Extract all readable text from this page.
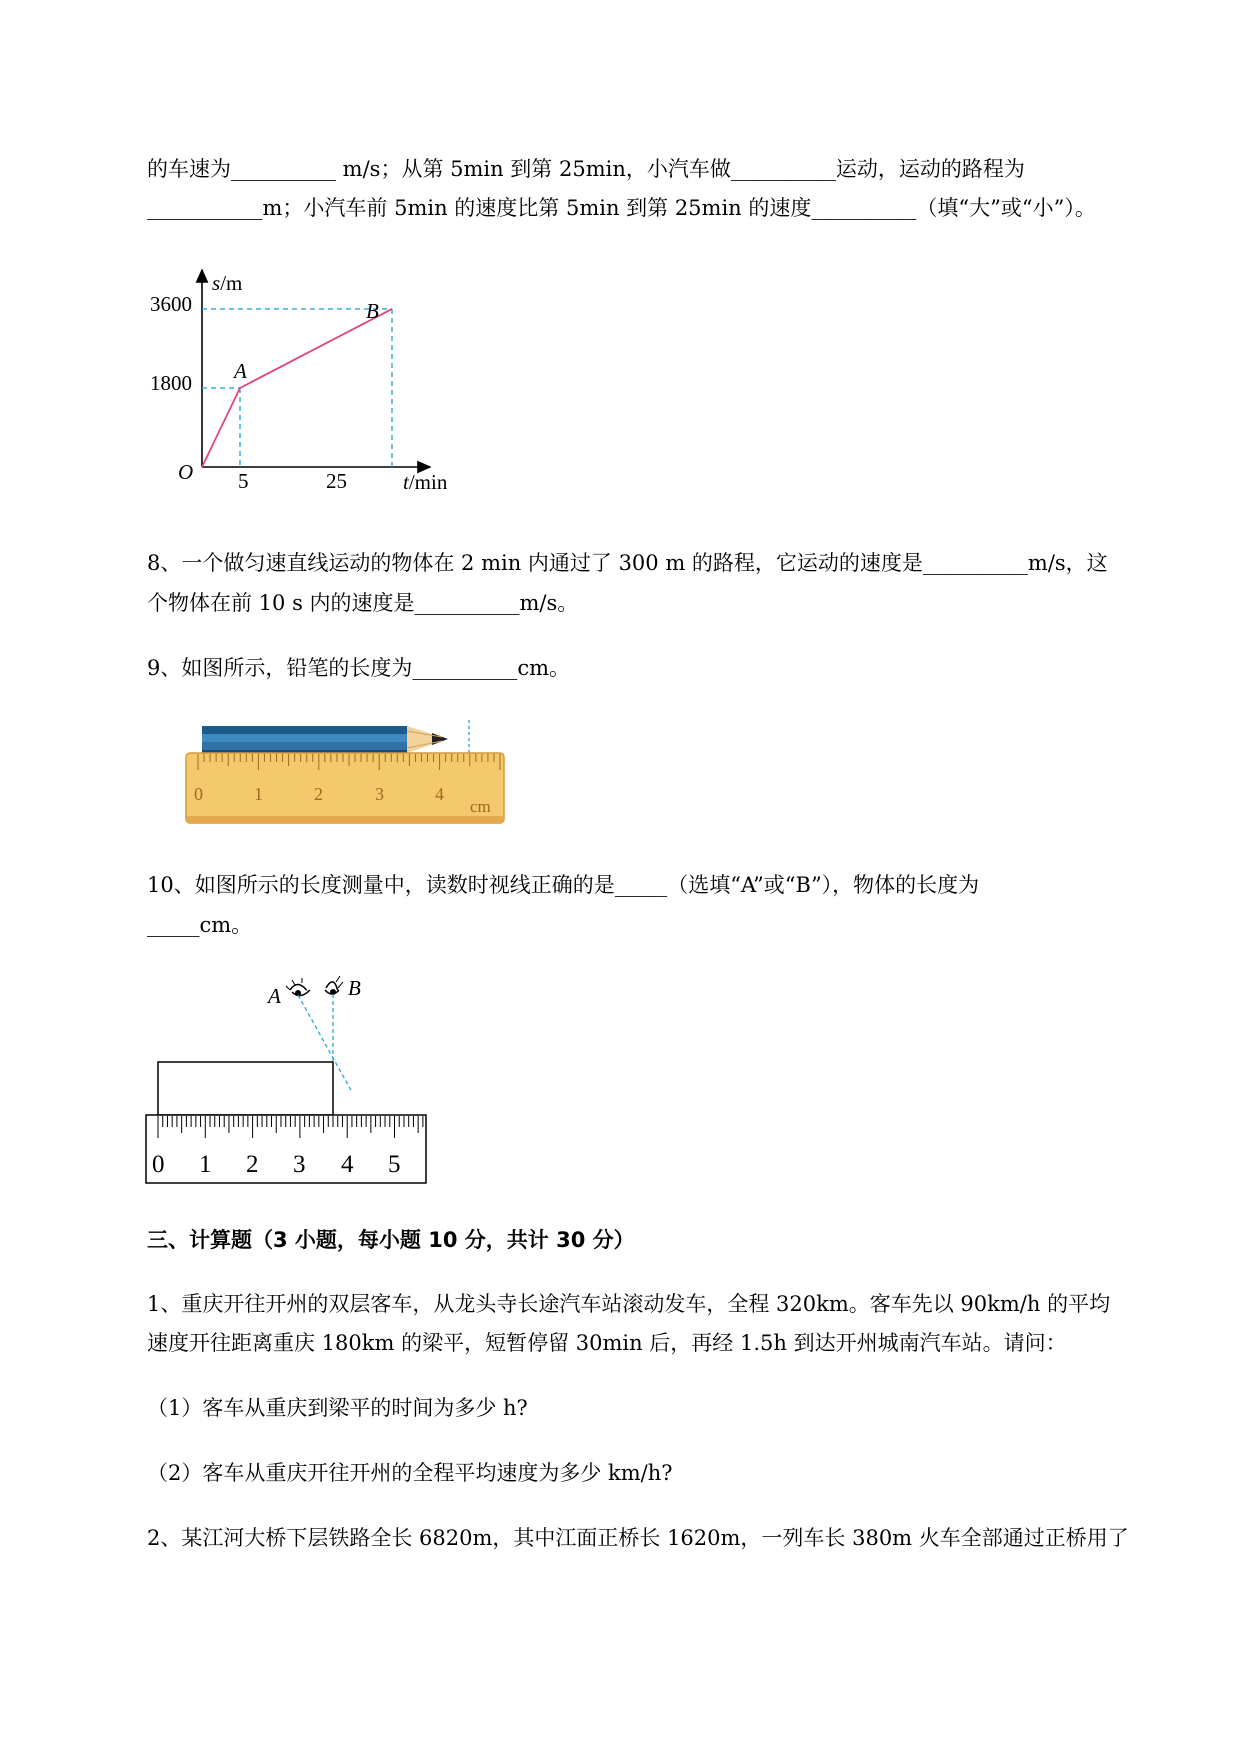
的车速为__________ m/s；从第 5min 到第 25min，小汽车做__________运动，运动的路程为
___________m；小汽车前 5min 的速度比第 5min 到第 25min 的速度__________（填“大”或“小”）。
s/m
t/min
3600
1800
5	25
O
A
B
8、一个做匀速直线运动的物体在 2 min 内通过了 300 m 的路程，它运动的速度是__________m/s，这
个物体在前 10 s 内的速度是__________m/s。
9、如图所示，铅笔的长度为__________cm。
0	1	2	3	4
cm
10、如图所示的长度测量中，读数时视线正确的是_____（选填“A”或“B”），物体的长度为
_____cm。
A	B
0 1 2 3 4 5
三、计算题（3 小题，每小题 10 分，共计 30 分）
1、重庆开往开州的双层客车，从龙头寺长途汽车站滚动发车，全程 320km。客车先以 90km/h 的平均
速度开往距离重庆 180km 的梁平，短暂停留 30min 后，再经 1.5h 到达开州城南汽车站。请问：
（1）客车从重庆到梁平的时间为多少 h?
（2）客车从重庆开往开州的全程平均速度为多少 km/h?
2、某江河大桥下层铁路全长 6820m，其中江面正桥长 1620m，一列车长 380m 火车全部通过正桥用了
